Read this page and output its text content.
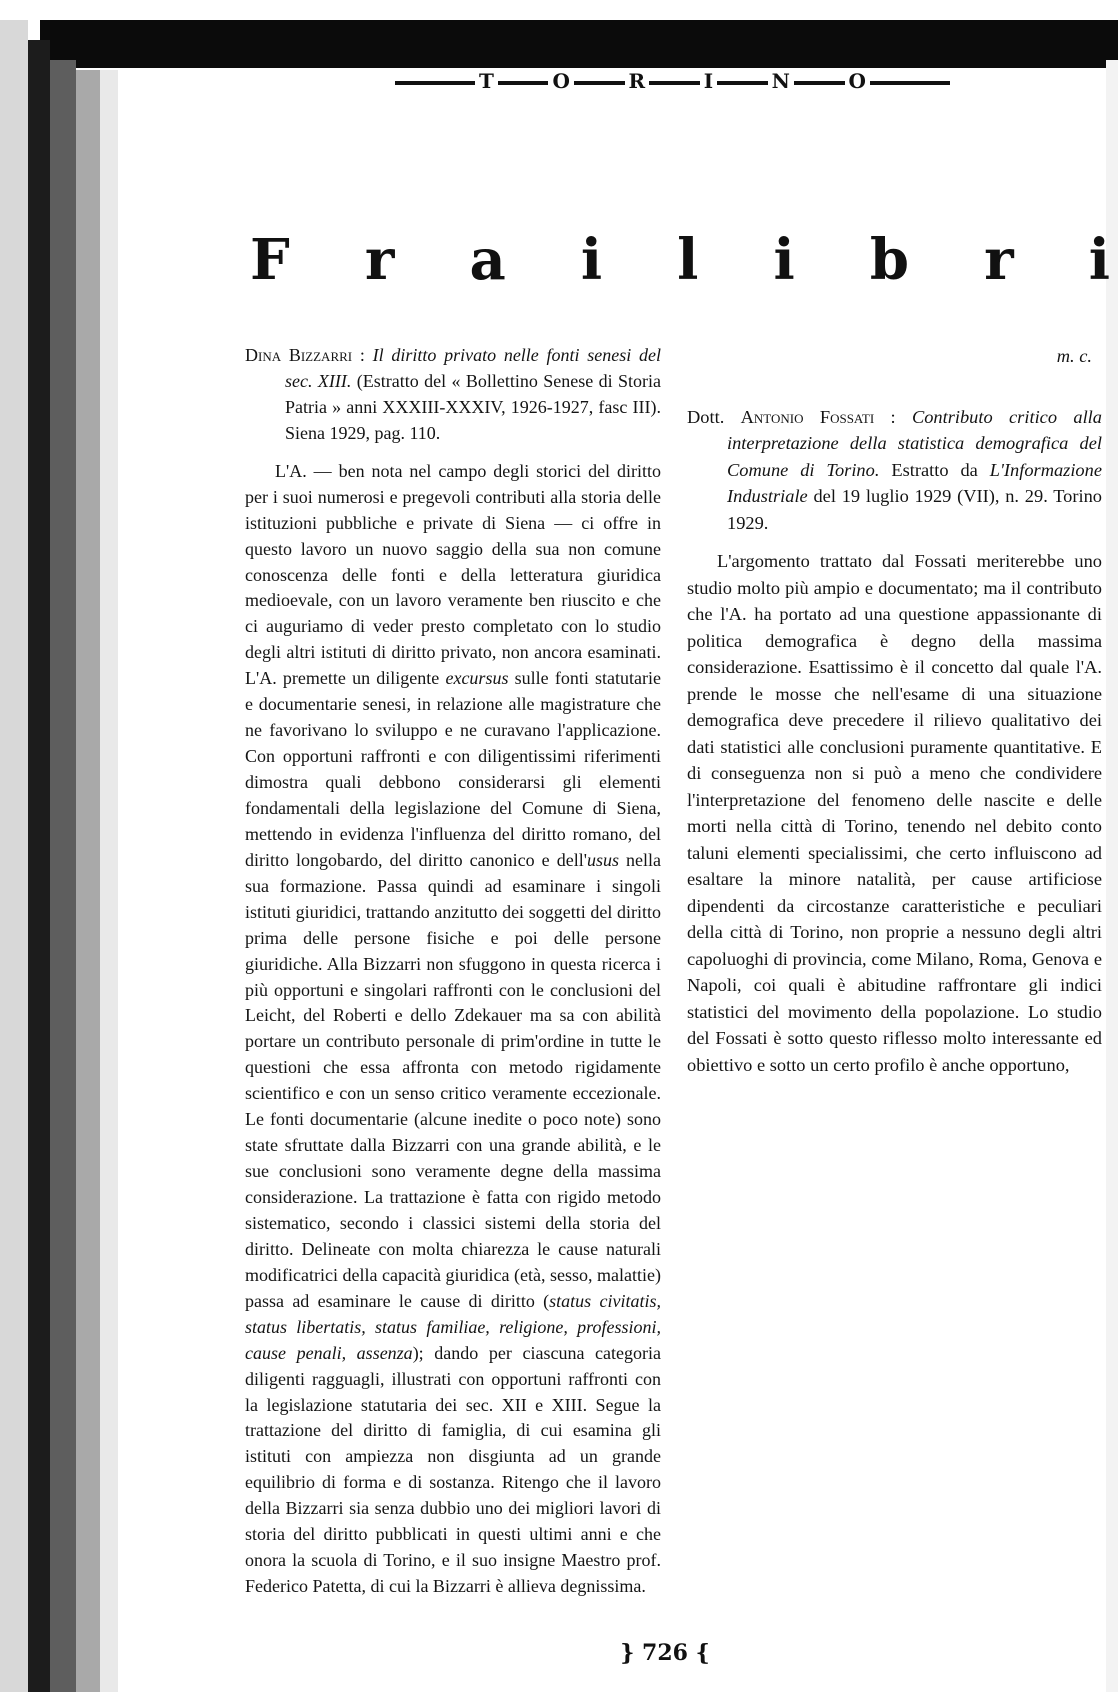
T	O	R	I	N	O
F r a i l i b r i

Dina Bizzarri : Il diritto privato nelle fonti senesi del sec. XIII. (Estratto del « Bollettino Senese di Storia Patria » anni XXXIII-XXXIV, 1926-1927, fasc III). Siena 1929, pag. 110.

L'A. — ben nota nel campo degli storici del diritto per i suoi numerosi e pregevoli contributi alla storia delle istituzioni pubbliche e private di Siena — ci offre in questo lavoro un nuovo saggio della sua non comune conoscenza delle fonti e della letteratura giuridica medioevale, con un lavoro veramente ben riuscito e che ci auguriamo di veder presto completato con lo studio degli altri istituti di diritto privato, non ancora esaminati. L'A. premette un diligente excursus sulle fonti statutarie e documentarie senesi, in relazione alle magistrature che ne favorivano lo sviluppo e ne curavano l'applicazione. Con opportuni raffronti e con diligentissimi riferimenti dimostra quali debbono considerarsi gli elementi fondamentali della legislazione del Comune di Siena, mettendo in evidenza l'influenza del diritto romano, del diritto longobardo, del diritto canonico e dell'usus nella sua formazione. Passa quindi ad esaminare i singoli istituti giuridici, trattando anzitutto dei soggetti del diritto prima delle persone fisiche e poi delle persone giuridiche. Alla Bizzarri non sfuggono in questa ricerca i più opportuni e singolari raffronti con le conclusioni del Leicht, del Roberti e dello Zdekauer ma sa con abilità portare un contributo personale di prim'ordine in tutte le questioni che essa affronta con metodo rigidamente scientifico e con un senso critico veramente eccezionale. Le fonti documentarie (alcune inedite o poco note) sono state sfruttate dalla Bizzarri con una grande abilità, e le sue conclusioni sono veramente degne della massima considerazione. La trattazione è fatta con rigido metodo sistematico, secondo i classici sistemi della storia del diritto. Delineate con molta chiarezza le cause naturali modificatrici della capacità giuridica (età, sesso, malattie) passa ad esaminare le cause di diritto (status civitatis, status libertatis, status familiae, religione, professioni, cause penali, assenza); dando per ciascuna categoria diligenti ragguagli, illustrati con opportuni raffronti con la legislazione statutaria dei sec. XII e XIII. Segue la trattazione del diritto di famiglia, di cui esamina gli istituti con ampiezza non disgiunta ad un grande equilibrio di forma e di sostanza. Ritengo che il lavoro della Bizzarri sia senza dubbio uno dei migliori lavori di storia del diritto pubblicati in questi ultimi anni e che onora la scuola di Torino, e il suo insigne Maestro prof. Federico Patetta, di cui la Bizzarri è allieva degnissima.

m. c.

Dott. Antonio Fossati : Contributo critico alla interpretazione della statistica demografica del Comune di Torino. Estratto da L'Informazione Industriale del 19 luglio 1929 (VII), n. 29. Torino 1929.

L'argomento trattato dal Fossati meriterebbe uno studio molto più ampio e documentato; ma il contributo che l'A. ha portato ad una questione appassionante di politica demografica è degno della massima considerazione. Esattissimo è il concetto dal quale l'A. prende le mosse che nell'esame di una situazione demografica deve precedere il rilievo qualitativo dei dati statistici alle conclusioni puramente quantitative. E di conseguenza non si può a meno che condividere l'interpretazione del fenomeno delle nascite e delle morti nella città di Torino, tenendo nel debito conto taluni elementi specialissimi, che certo influiscono ad esaltare la minore natalità, per cause artificiose dipendenti da circostanze caratteristiche e peculiari della città di Torino, non proprie a nessuno degli altri capoluoghi di provincia, come Milano, Roma, Genova e Napoli, coi quali è abitudine raffrontare gli indici statistici del movimento della popolazione. Lo studio del Fossati è sotto questo riflesso molto interessante ed obiettivo e sotto un certo profilo è anche opportuno,

} 726 {
